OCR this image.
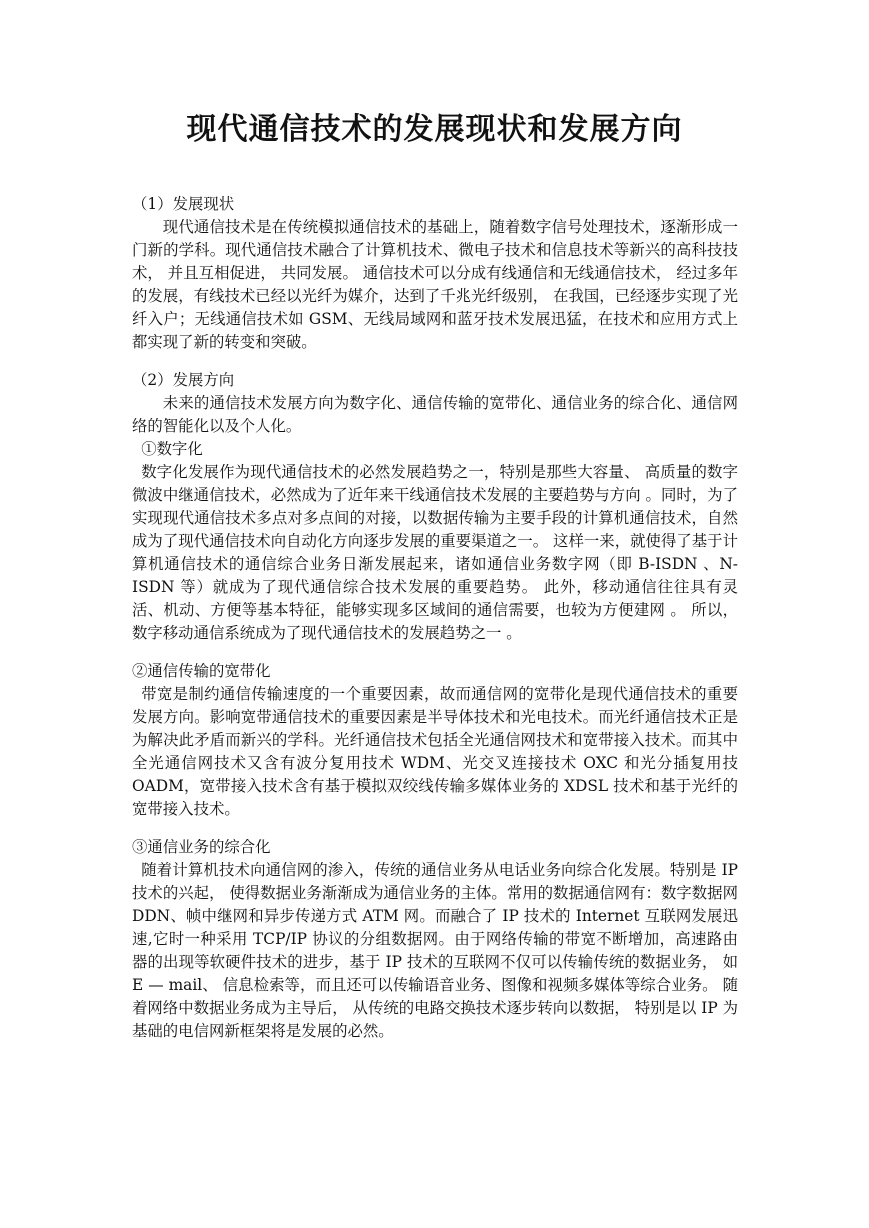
现代通信技术的发展现状和发展方向

（1）发展现状

现代通信技术是在传统模拟通信技术的基础上，随着数字信号处理技术，逐渐形成一门新的学科。现代通信技术融合了计算机技术、微电子技术和信息技术等新兴的高科技技术， 并且互相促进， 共同发展。 通信技术可以分成有线通信和无线通信技术， 经过多年的发展，有线技术已经以光纤为媒介，达到了千兆光纤级别， 在我国，已经逐步实现了光纤入户；无线通信技术如 GSM、无线局域网和蓝牙技术发展迅猛，在技术和应用方式上都实现了新的转变和突破。

（2）发展方向

未来的通信技术发展方向为数字化、通信传输的宽带化、通信业务的综合化、通信网络的智能化以及个人化。

①数字化

数字化发展作为现代通信技术的必然发展趋势之一，特别是那些大容量、 高质量的数字微波中继通信技术，必然成为了近年来干线通信技术发展的主要趋势与方向 。同时，为了实现现代通信技术多点对多点间的对接，以数据传输为主要手段的计算机通信技术，自然成为了现代通信技术向自动化方向逐步发展的重要渠道之一。 这样一来，就使得了基于计算机通信技术的通信综合业务日渐发展起来，诸如通信业务数字网（即 B-ISDN 、N-ISDN 等）就成为了现代通信综合技术发展的重要趋势。 此外，移动通信往往具有灵活、机动、方便等基本特征，能够实现多区域间的通信需要，也较为方便建网 。 所以，数字移动通信系统成为了现代通信技术的发展趋势之一 。

②通信传输的宽带化

带宽是制约通信传输速度的一个重要因素，故而通信网的宽带化是现代通信技术的重要发展方向。影响宽带通信技术的重要因素是半导体技术和光电技术。而光纤通信技术正是为解决此矛盾而新兴的学科。光纤通信技术包括全光通信网技术和宽带接入技术。而其中全光通信网技术又含有波分复用技术 WDM、光交叉连接技术 OXC 和光分插复用技 OADM，宽带接入技术含有基于模拟双绞线传输多媒体业务的 XDSL 技术和基于光纤的宽带接入技术。

③通信业务的综合化

随着计算机技术向通信网的渗入，传统的通信业务从电话业务向综合化发展。特别是 IP 技术的兴起， 使得数据业务渐渐成为通信业务的主体。常用的数据通信网有：数字数据网 DDN、帧中继网和异步传递方式 ATM 网。而融合了 IP 技术的 Internet 互联网发展迅速,它时一种采用 TCP/IP 协议的分组数据网。由于网络传输的带宽不断增加，高速路由器的出现等软硬件技术的进步，基于 IP 技术的互联网不仅可以传输传统的数据业务， 如 E — mail、 信息检索等，而且还可以传输语音业务、图像和视频多媒体等综合业务。 随着网络中数据业务成为主导后， 从传统的电路交换技术逐步转向以数据， 特别是以 IP 为基础的电信网新框架将是发展的必然。
